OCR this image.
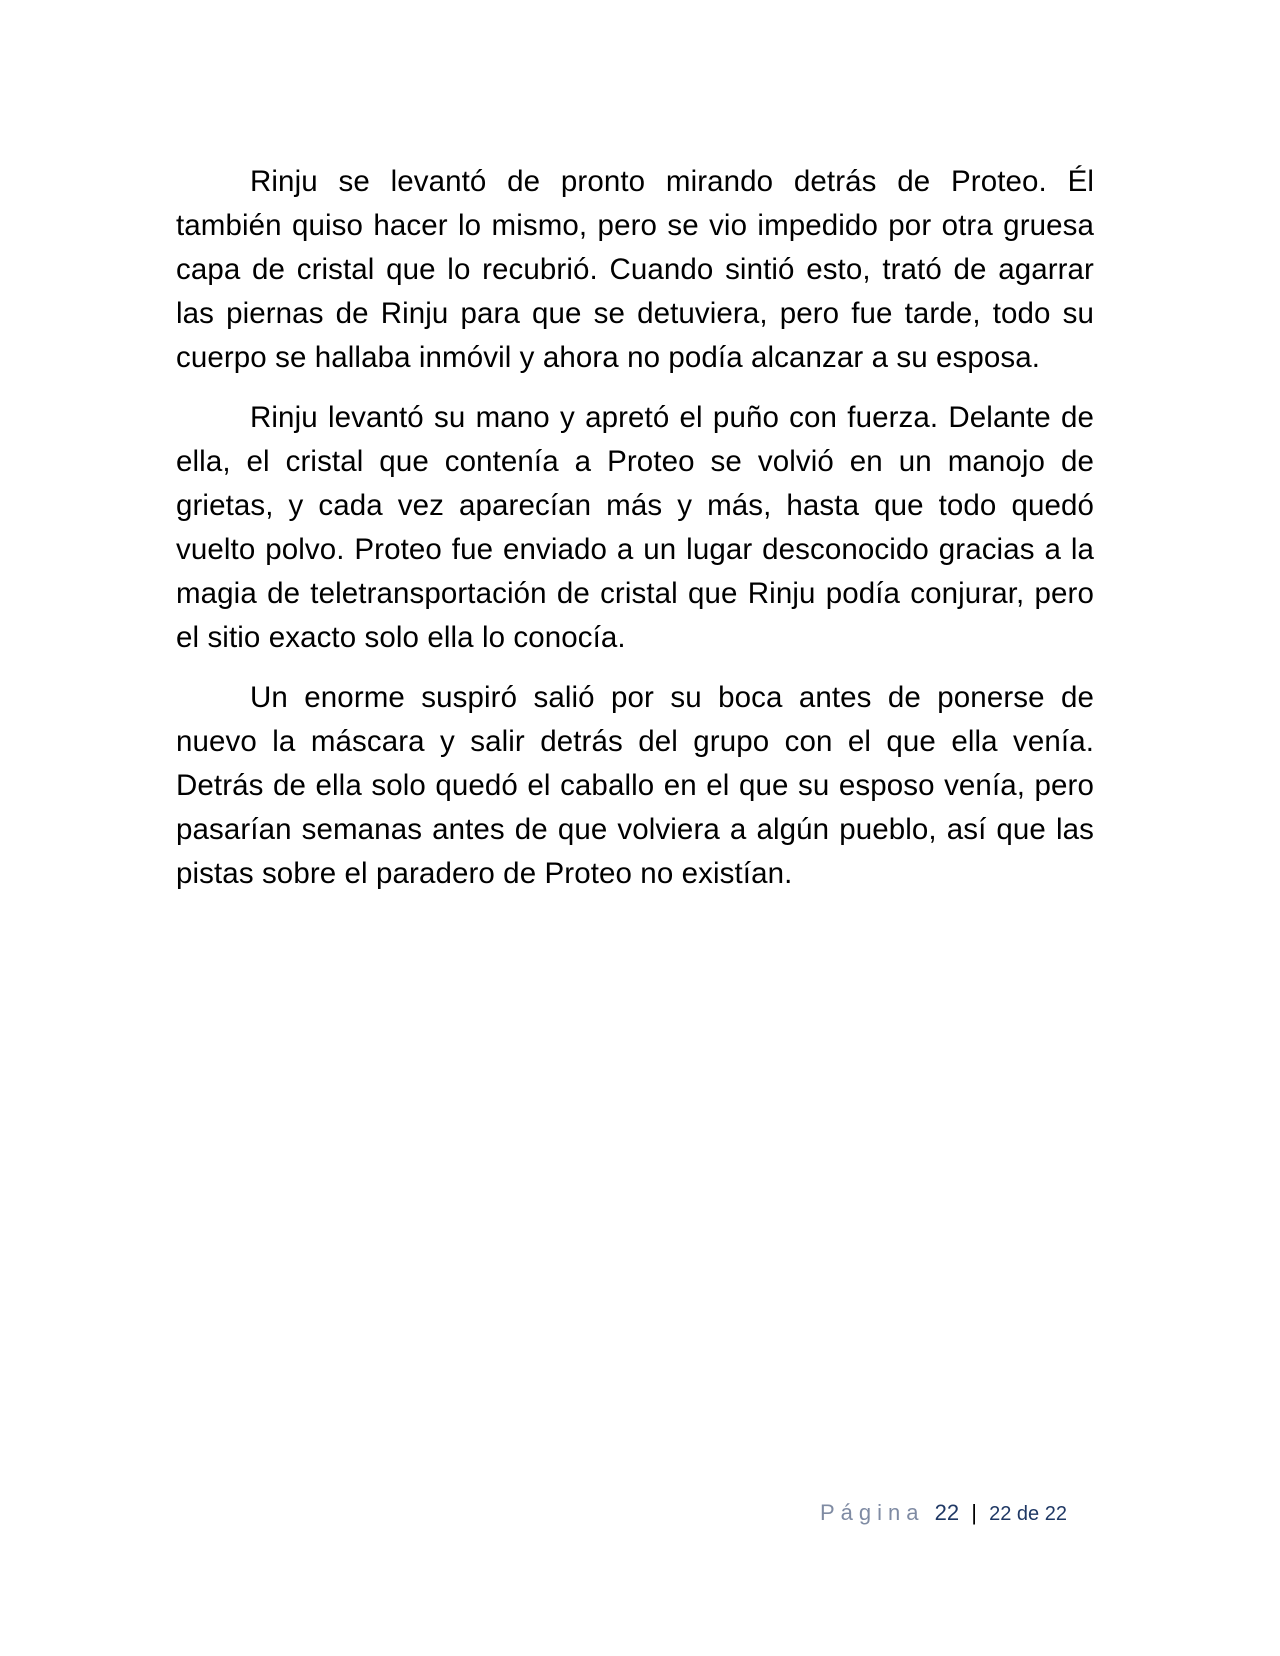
Rinju se levantó de pronto mirando detrás de Proteo. Él también quiso hacer lo mismo, pero se vio impedido por otra gruesa capa de cristal que lo recubrió. Cuando sintió esto, trató de agarrar las piernas de Rinju para que se detuviera, pero fue tarde, todo su cuerpo se hallaba inmóvil y ahora no podía alcanzar a su esposa.

Rinju levantó su mano y apretó el puño con fuerza. Delante de ella, el cristal que contenía a Proteo se volvió en un manojo de grietas, y cada vez aparecían más y más, hasta que todo quedó vuelto polvo. Proteo fue enviado a un lugar desconocido gracias a la magia de teletransportación de cristal que Rinju podía conjurar, pero el sitio exacto solo ella lo conocía.

Un enorme suspiró salió por su boca antes de ponerse de nuevo la máscara y salir detrás del grupo con el que ella venía. Detrás de ella solo quedó el caballo en el que su esposo venía, pero pasarían semanas antes de que volviera a algún pueblo, así que las pistas sobre el paradero de Proteo no existían.

Página 22 | 22 de 22
